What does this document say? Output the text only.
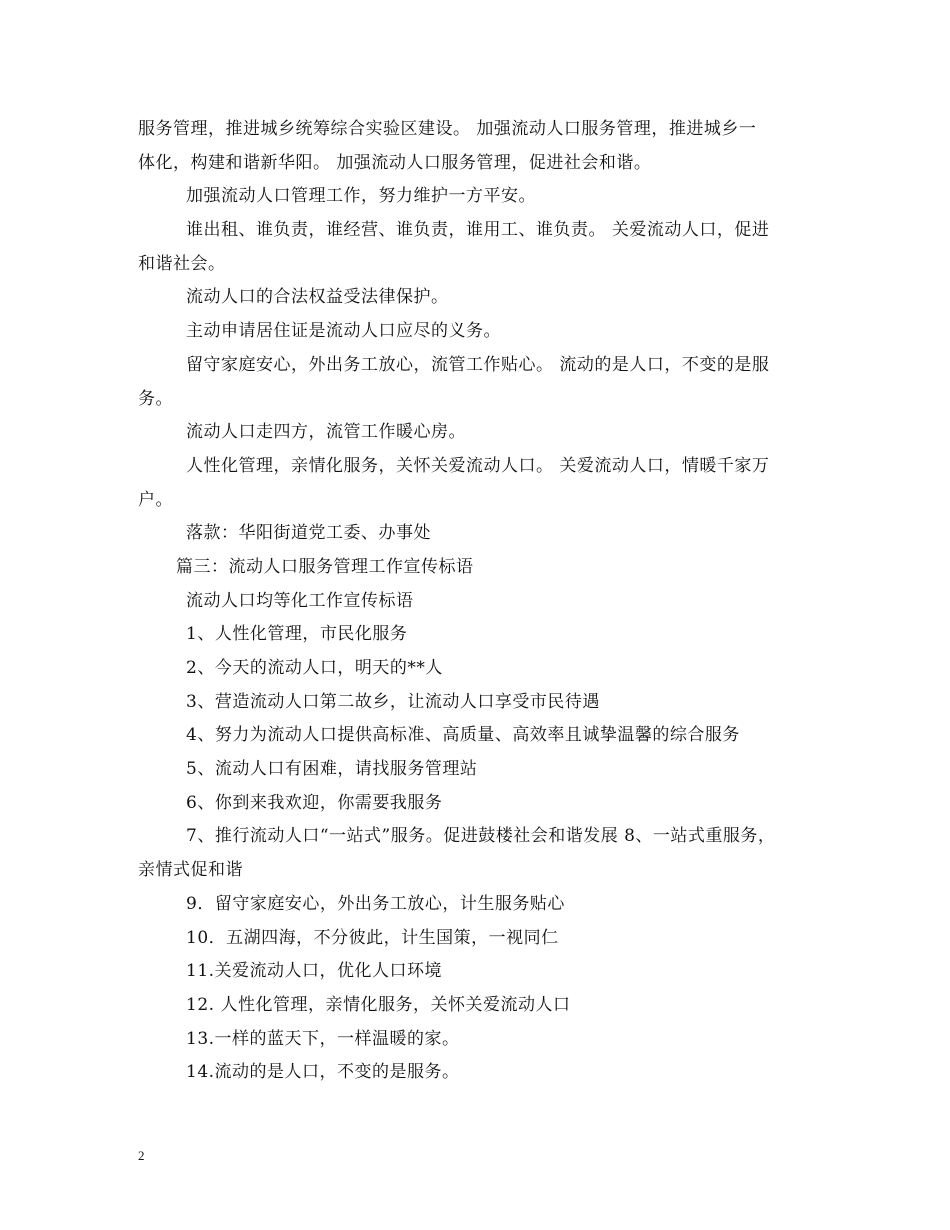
服务管理，推进城乡统筹综合实验区建设。 加强流动人口服务管理，推进城乡一
体化，构建和谐新华阳。 加强流动人口服务管理，促进社会和谐。
加强流动人口管理工作，努力维护一方平安。
谁出租、谁负责，谁经营、谁负责，谁用工、谁负责。 关爱流动人口，促进
和谐社会。
流动人口的合法权益受法律保护。
主动申请居住证是流动人口应尽的义务。
留守家庭安心，外出务工放心，流管工作贴心。 流动的是人口，不变的是服
务。
流动人口走四方，流管工作暖心房。
人性化管理，亲情化服务，关怀关爱流动人口。 关爱流动人口，情暖千家万
户。
落款：华阳街道党工委、办事处
篇三：流动人口服务管理工作宣传标语
流动人口均等化工作宣传标语
1、人性化管理，市民化服务
2、今天的流动人口，明天的**人
3、营造流动人口第二故乡，让流动人口享受市民待遇
4、努力为流动人口提供高标准、高质量、高效率且诚挚温馨的综合服务
5、流动人口有困难，请找服务管理站
6、你到来我欢迎，你需要我服务
7、推行流动人口“一站式”服务。促进鼓楼社会和谐发展 8、一站式重服务，
亲情式促和谐
9．留守家庭安心，外出务工放心，计生服务贴心
10．五湖四海，不分彼此，计生国策，一视同仁
11.关爱流动人口，优化人口环境
12. 人性化管理，亲情化服务，关怀关爱流动人口
13.一样的蓝天下，一样温暖的家。
14.流动的是人口，不变的是服务。
2
